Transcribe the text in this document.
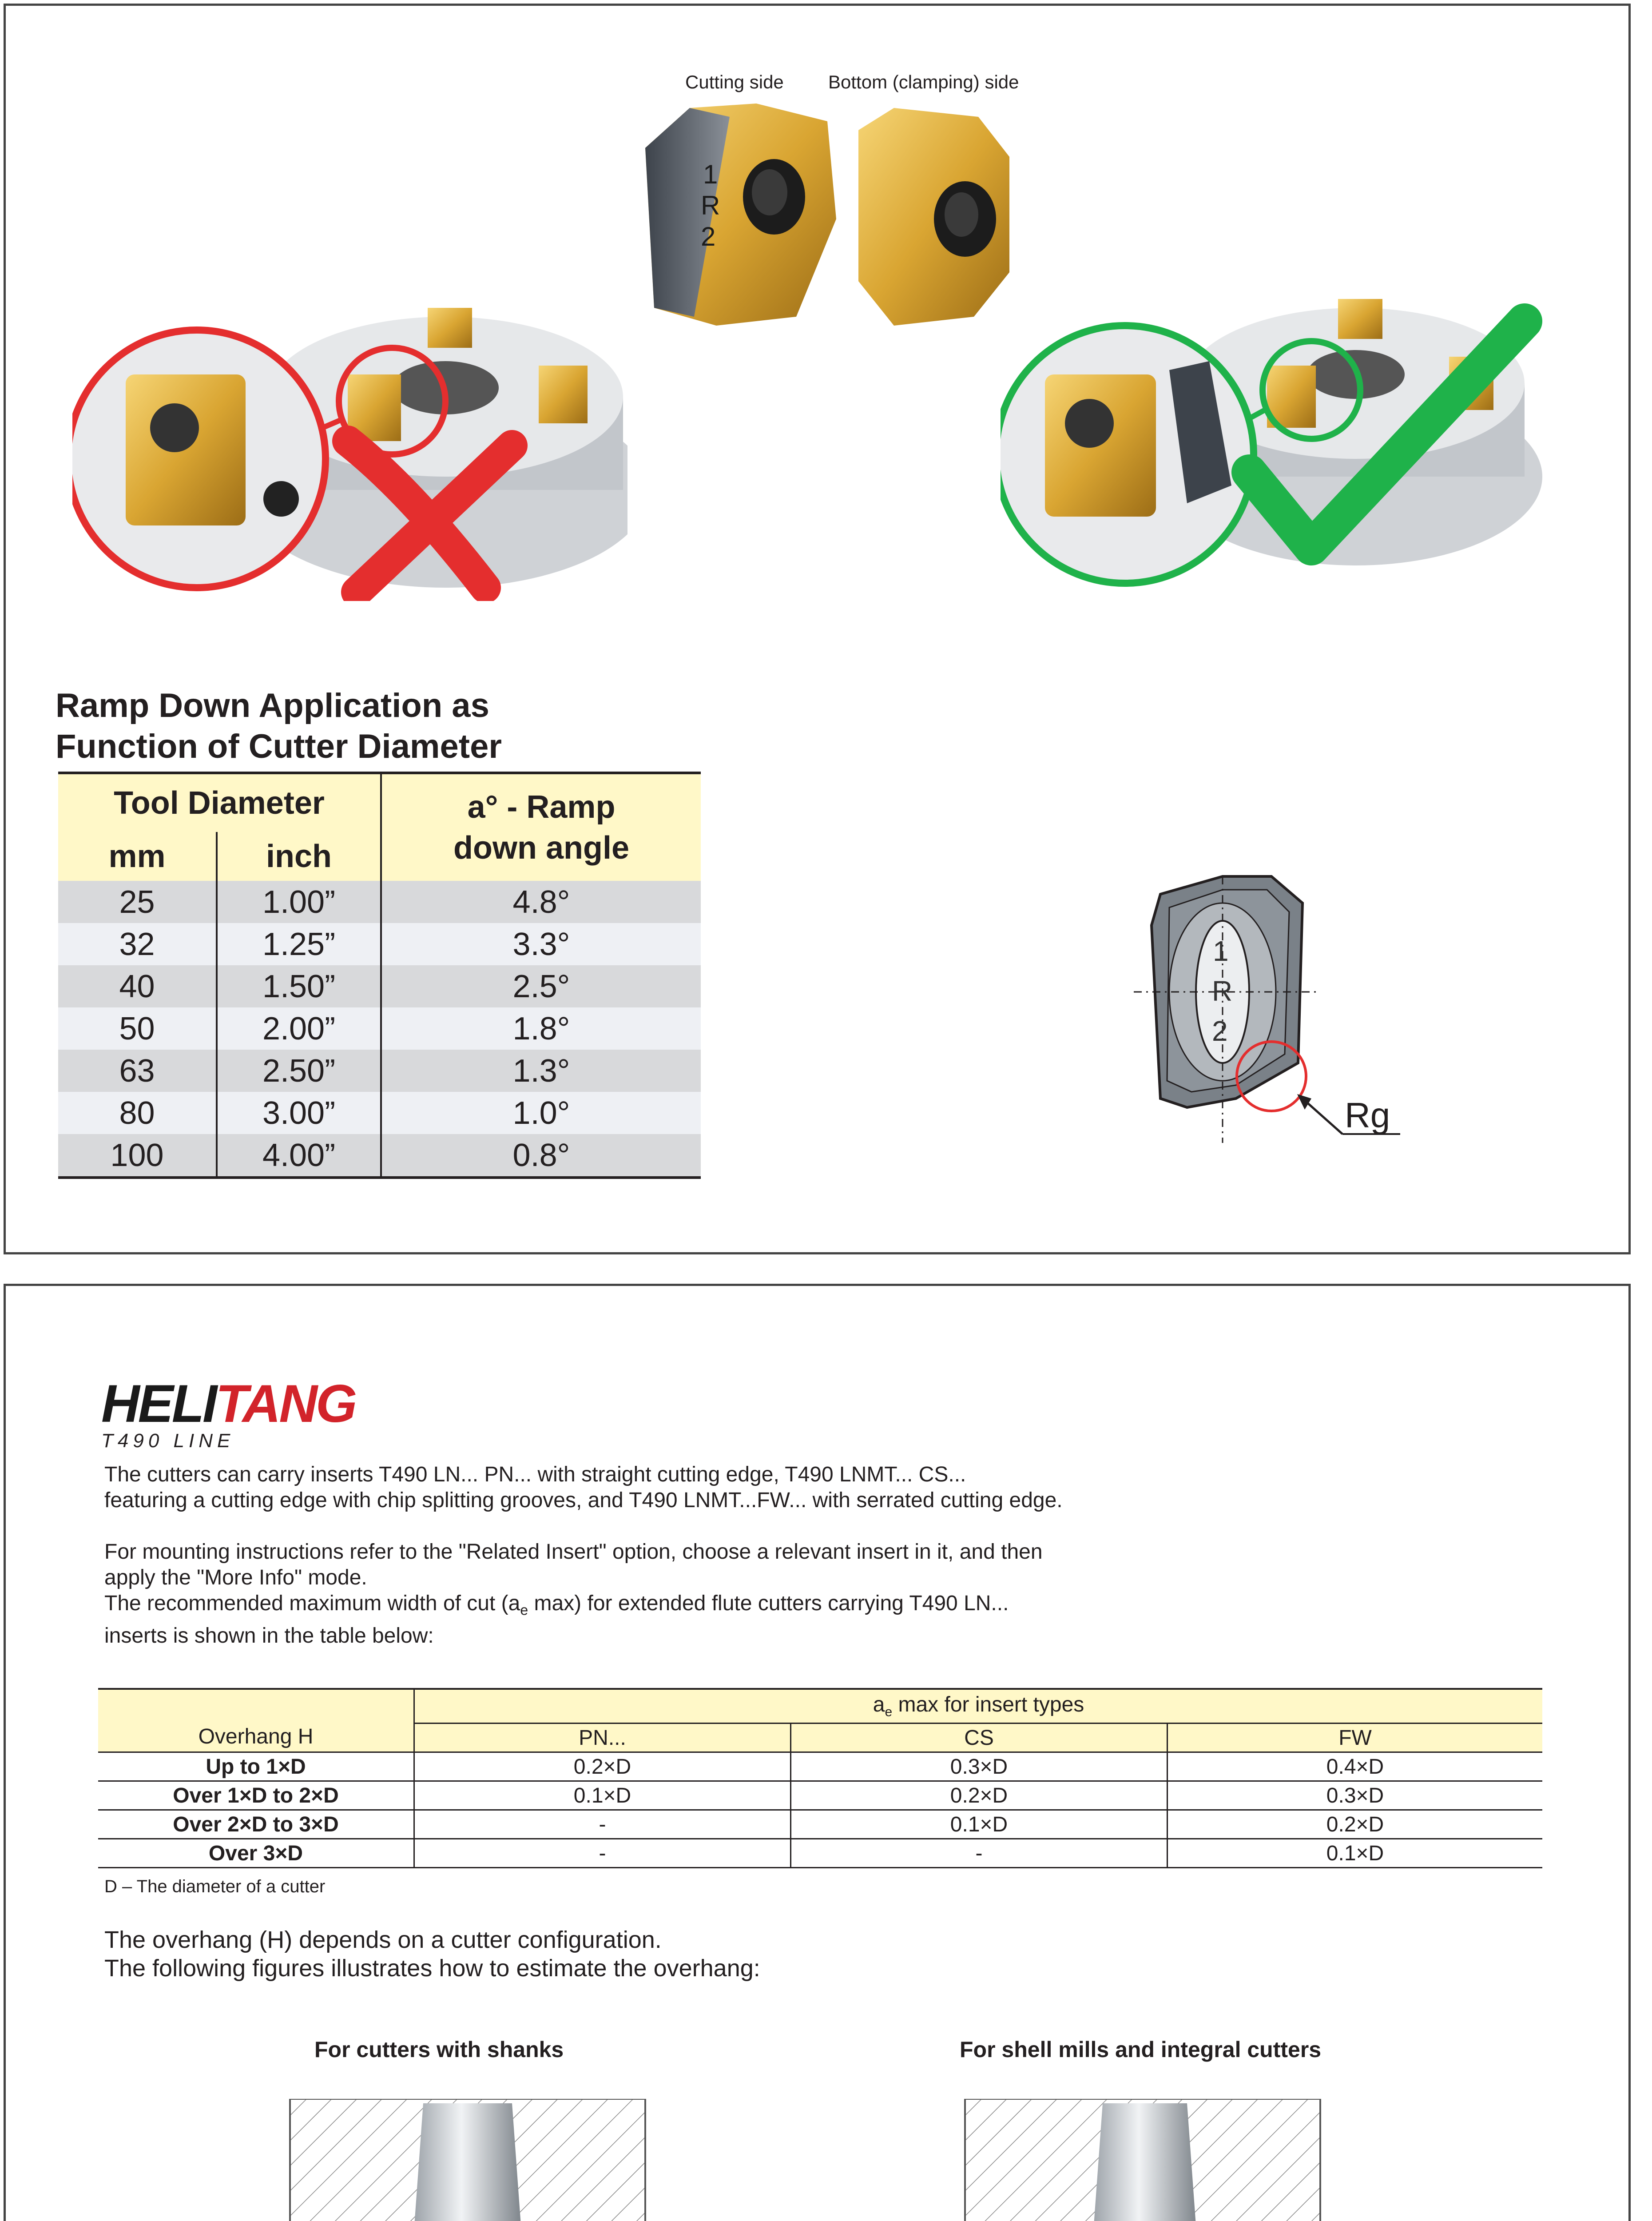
Cutting side Bottom (clamping) side
1
R
2
Ramp Down Application as
Function of Cutter Diameter
Tool Diameter		a° - Ramp
down angle

mm	inch	
25	1.00”	4.8°
32	1.25”	3.3°
40	1.50”	2.5°
50	2.00”	1.8°
63	2.50”	1.3°
80	3.00”	1.0°
100	4.00”	0.8°
1
R
2
Rg
HELITANG
T490 LINE
The cutters can carry inserts T490 LN... PN... with straight cutting edge, T490 LNMT... CS...
featuring a cutting edge with chip splitting grooves, and T490 LNMT...FW... with serrated cutting edge.
For mounting instructions refer to the "Related Insert" option, choose a relevant insert in it, and then
apply the "More Info" mode.
The recommended maximum width of cut ($a_e$ max) for extended flute cutters carrying T490 LN...
inserts is shown in the table below:
Overhang H	$a_e$ max for insert types		
	PN...	CS	FW
Up to 1×D	0.2×D	0.3×D	0.4×D
Over 1×D to 2×D	0.1×D	0.2×D	0.3×D
Over 2×D to 3×D	-	0.1×D	0.2×D
Over 3×D	-	-	0.1×D
D – The diameter of a cutter
The overhang (H) depends on a cutter configuration.
The following figures illustrates how to estimate the overhang:
For cutters with shanks	For shell mills and integral cutters
